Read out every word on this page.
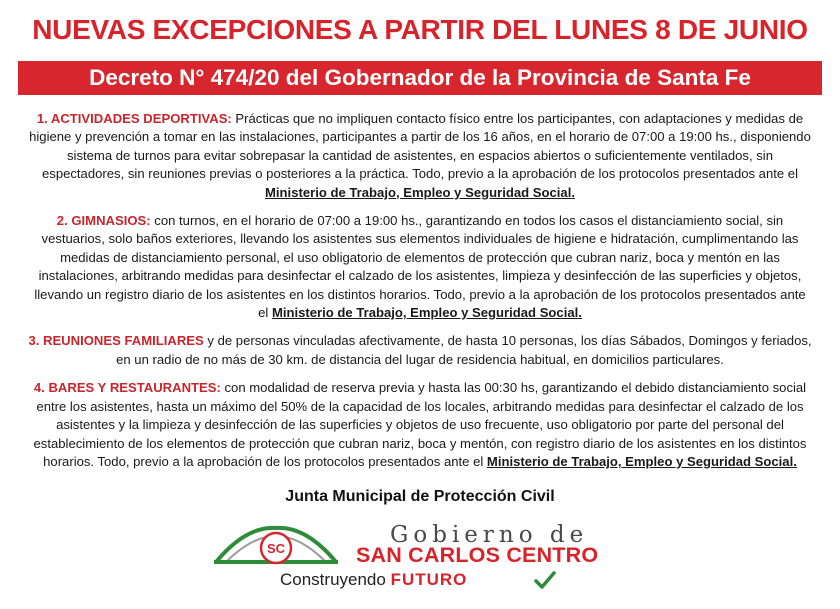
NUEVAS EXCEPCIONES A PARTIR DEL LUNES 8 DE JUNIO
Decreto N° 474/20 del Gobernador de la Provincia de Santa Fe

1. ACTIVIDADES DEPORTIVAS: Prácticas que no impliquen contacto físico entre los participantes, con adaptaciones y medidas de higiene y prevención a tomar en las instalaciones, participantes a partir de los 16 años, en el horario de 07:00 a 19:00 hs., disponiendo sistema de turnos para evitar sobrepasar la cantidad de asistentes, en espacios abiertos o suficientemente ventilados, sin espectadores, sin reuniones previas o posteriores a la práctica. Todo, previo a la aprobación de los protocolos presentados ante el Ministerio de Trabajo, Empleo y Seguridad Social.

2. GIMNASIOS: con turnos, en el horario de 07:00 a 19:00 hs., garantizando en todos los casos el distanciamiento social, sin vestuarios, solo baños exteriores, llevando los asistentes sus elementos individuales de higiene e hidratación, cumplimentando las medidas de distanciamiento personal, el uso obligatorio de elementos de protección que cubran nariz, boca y mentón en las instalaciones, arbitrando medidas para desinfectar el calzado de los asistentes, limpieza y desinfección de las superficies y objetos, llevando un registro diario de los asistentes en los distintos horarios. Todo, previo a la aprobación de los protocolos presentados ante el Ministerio de Trabajo, Empleo y Seguridad Social.

3. REUNIONES FAMILIARES y de personas vinculadas afectivamente, de hasta 10 personas, los días Sábados, Domingos y feriados, en un radio de no más de 30 km. de distancia del lugar de residencia habitual, en domicilios particulares.

4. BARES Y RESTAURANTES: con modalidad de reserva previa y hasta las 00:30 hs, garantizando el debido distanciamiento social entre los asistentes, hasta un máximo del 50% de la capacidad de los locales, arbitrando medidas para desinfectar el calzado de los asistentes y la limpieza y desinfección de las superficies y objetos de uso frecuente, uso obligatorio por parte del personal del establecimiento de los elementos de protección que cubran nariz, boca y mentón, con registro diario de los asistentes en los distintos horarios. Todo, previo a la aprobación de los protocolos presentados ante el Ministerio de Trabajo, Empleo y Seguridad Social.

Junta Municipal de Protección Civil
SC
Gobierno de
SAN CARLOS CENTRO
Construyendo FUTURO
